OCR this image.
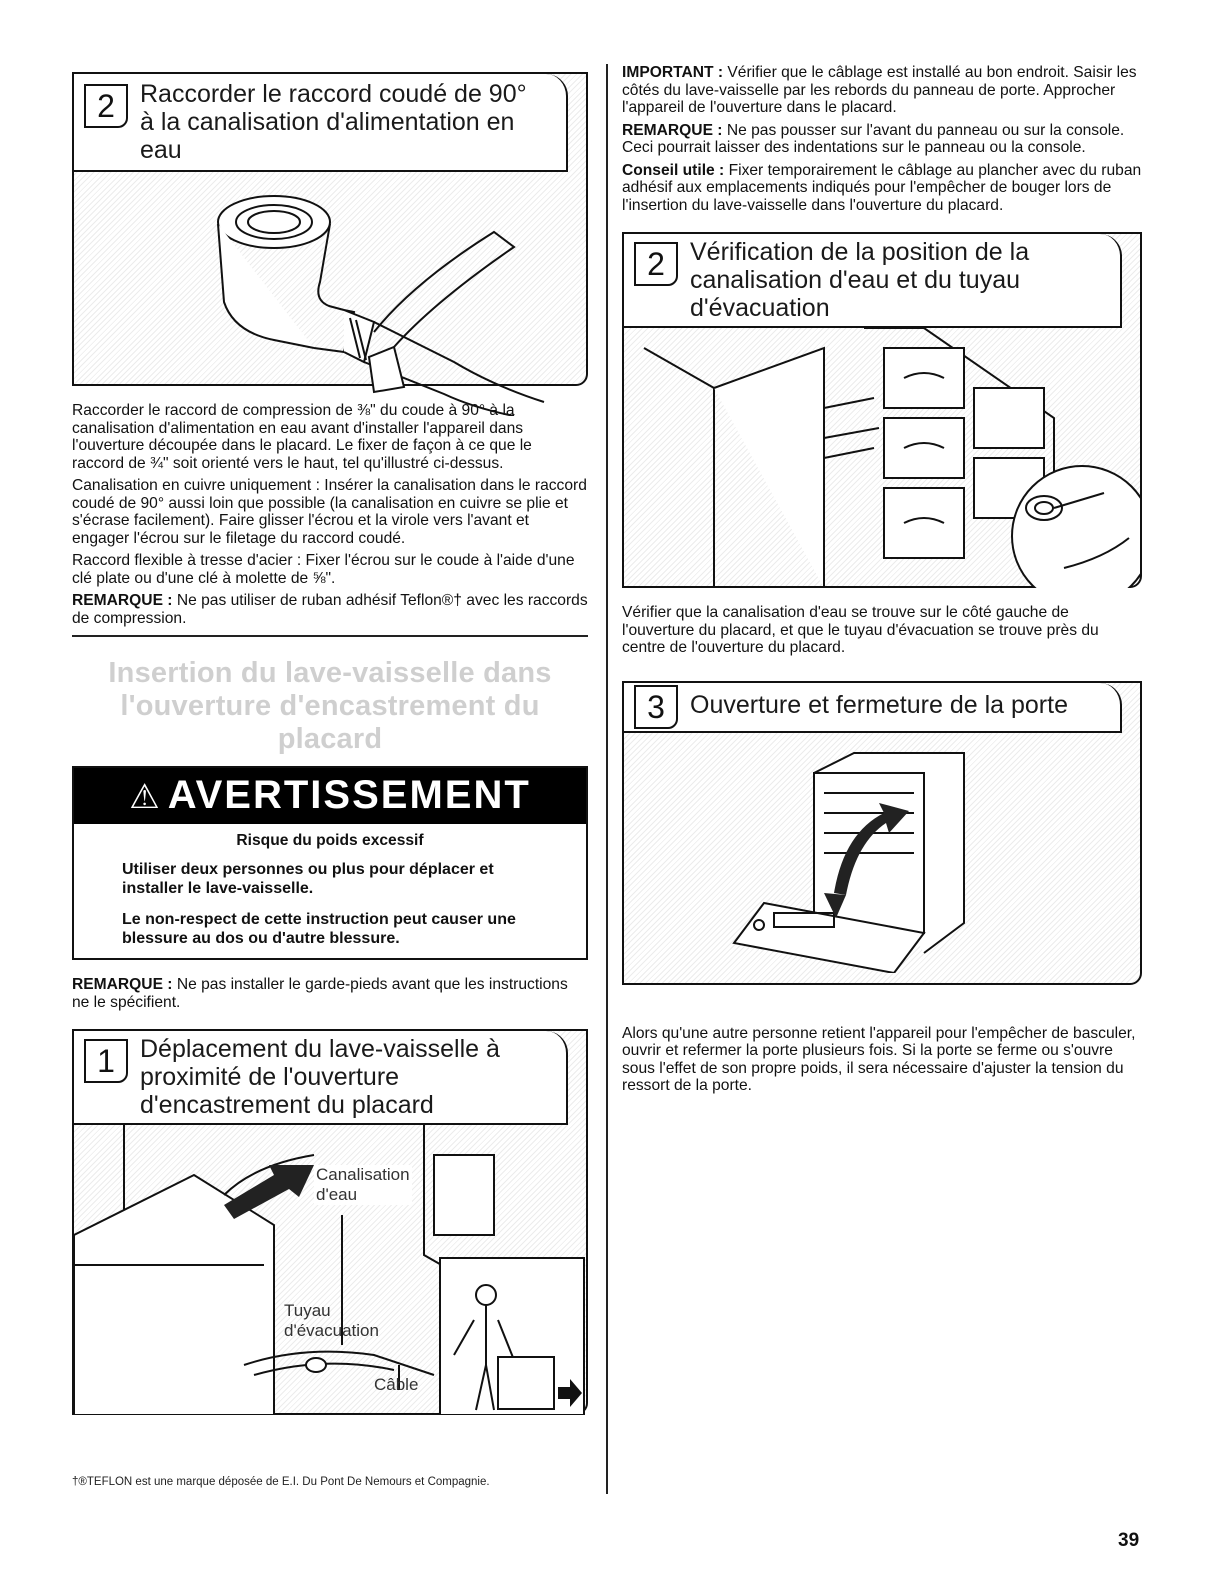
2	Raccorder le raccord coudé de 90°
à la canalisation d'alimentation en eau

Raccorder le raccord de compression de ⅜" du coude à 90° à la canalisation d'alimentation en eau avant d'installer l'appareil dans l'ouverture découpée dans le placard. Le fixer de façon à ce que le raccord de ¾" soit orienté vers le haut, tel qu'illustré ci-dessus.

Canalisation en cuivre uniquement : Insérer la canalisation dans le raccord coudé de 90° aussi loin que possible (la canalisation en cuivre se plie et s'écrase facilement). Faire glisser l'écrou et la virole vers l'avant et engager l'écrou sur le filetage du raccord coudé.

Raccord flexible à tresse d'acier : Fixer l'écrou sur le coude à l'aide d'une clé plate ou d'une clé à molette de ⅝".

REMARQUE : Ne pas utiliser de ruban adhésif Teflon®† avec les raccords de compression.

Insertion du lave-vaisselle dans
l'ouverture d'encastrement du placard
⚠ AVERTISSEMENT
Risque du poids excessif

Utiliser deux personnes ou plus pour déplacer et installer le lave-vaisselle.

Le non-respect de cette instruction peut causer une blessure au dos ou d'autre blessure.

REMARQUE : Ne pas installer le garde-pieds avant que les instructions ne le spécifient.

1	Déplacement du lave-vaisselle à
proximité de l'ouverture
d'encastrement du placard
Canalisation
d'eau
Tuyau
d'évacuation
Câble

IMPORTANT : Vérifier que le câblage est installé au bon endroit. Saisir les côtés du lave-vaisselle par les rebords du panneau de porte. Approcher l'appareil de l'ouverture dans le placard.

REMARQUE : Ne pas pousser sur l'avant du panneau ou sur la console. Ceci pourrait laisser des indentations sur le panneau ou la console.

Conseil utile : Fixer temporairement le câblage au plancher avec du ruban adhésif aux emplacements indiqués pour l'empêcher de bouger lors de l'insertion du lave-vaisselle dans l'ouverture du placard.

2	Vérification de la position de la
canalisation d'eau et du tuyau
d'évacuation

Vérifier que la canalisation d'eau se trouve sur le côté gauche de l'ouverture du placard, et que le tuyau d'évacuation se trouve près du centre de l'ouverture du placard.

3	Ouverture et fermeture de la porte

Alors qu'une autre personne retient l'appareil pour l'empêcher de basculer, ouvrir et refermer la porte plusieurs fois. Si la porte se ferme ou s'ouvre sous l'effet de son propre poids, il sera nécessaire d'ajuster la tension du ressort de la porte.

†®TEFLON est une marque déposée de E.I. Du Pont De Nemours et Compagnie.
39
